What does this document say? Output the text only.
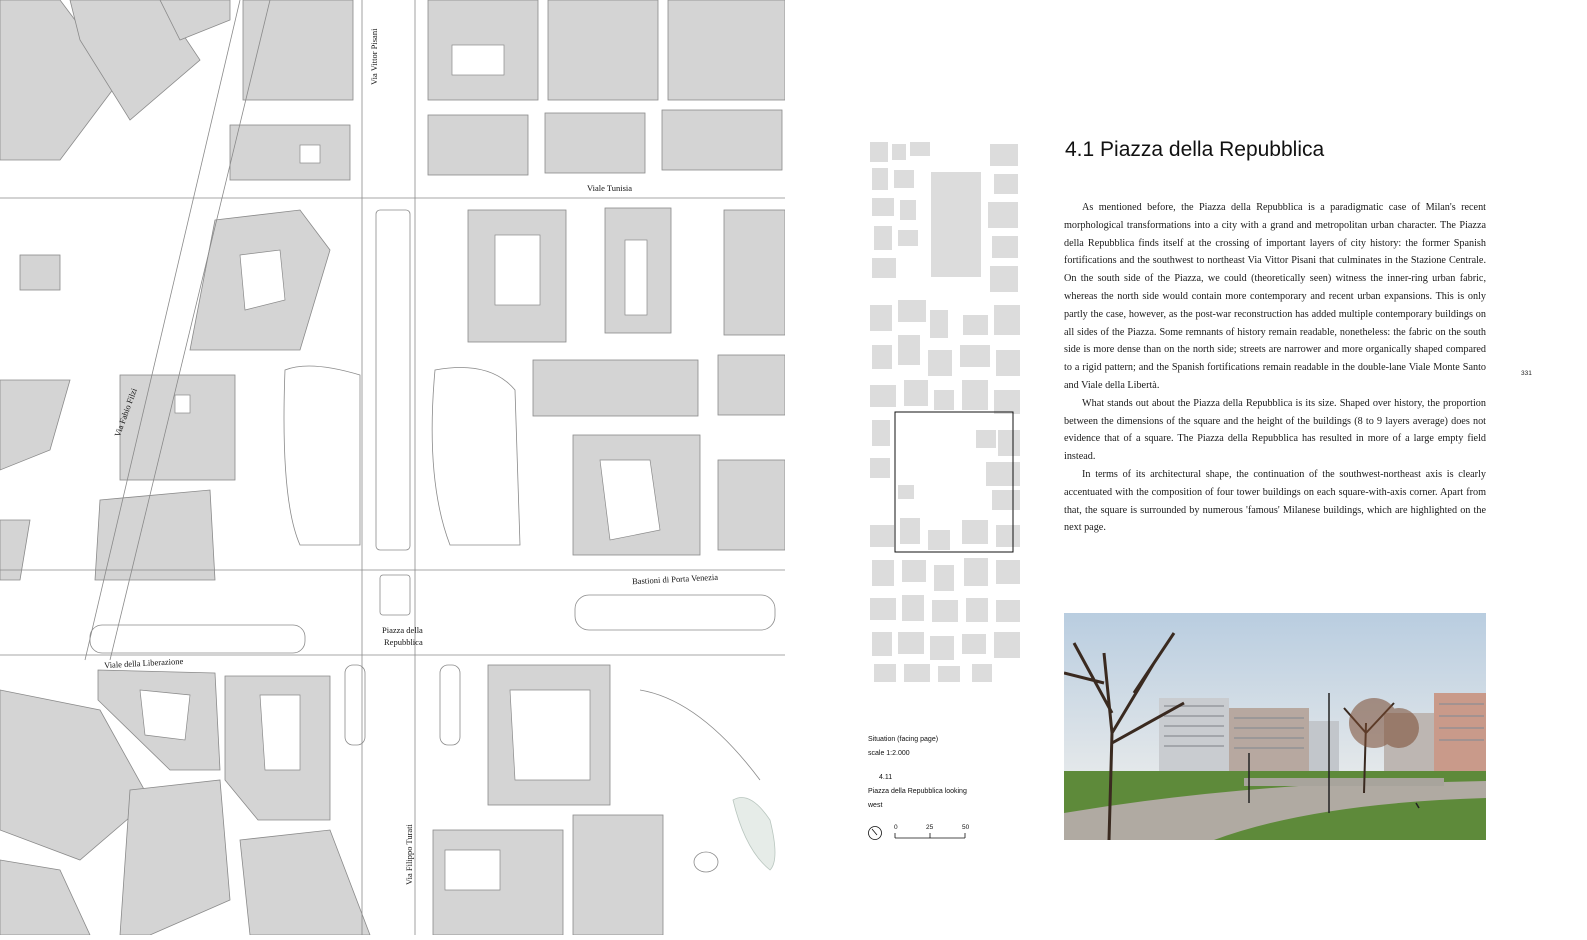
Via Vittor Pisani
Viale Tunisia
Via Fabio Filzi
Bastioni di Porta Venezia
Piazza della
Repubblica
Viale della Liberazione
Via Filippo Turati
Situation (facing page)
scale 1:2.000
4.11
Piazza della Repubblica looking
west
0	25	50
4.1 Piazza della Repubblica

As mentioned before, the Piazza della Repubblica is a paradigmatic case of Milan's recent morphological transformations into a city with a grand and metropolitan urban character. The Piazza della Repubblica finds itself at the crossing of important layers of city history: the former Spanish fortifications and the southwest to northeast Via Vittor Pisani that culminates in the Stazione Centrale. On the south side of the Piazza, we could (theoretically seen) witness the inner-ring urban fabric, whereas the north side would contain more contemporary and recent urban expansions. This is only partly the case, however, as the post-war reconstruction has added multiple contemporary buildings on all sides of the Piazza. Some remnants of history remain readable, nonetheless: the fabric on the south side is more dense than on the north side; streets are narrower and more organically shaped compared to a rigid pattern; and the Spanish fortifications remain readable in the double-lane Viale Monte Santo and Viale della Libertà.

What stands out about the Piazza della Repubblica is its size. Shaped over history, the proportion between the dimensions of the square and the height of the buildings (8 to 9 layers average) does not evidence that of a square. The Piazza della Repubblica has resulted in more of a large empty field instead.

In terms of its architectural shape, the continuation of the southwest-northeast axis is clearly accentuated with the composition of four tower buildings on each square-with-axis corner. Apart from that, the square is surrounded by numerous 'famous' Milanese buildings, which are highlighted on the next page.

331
